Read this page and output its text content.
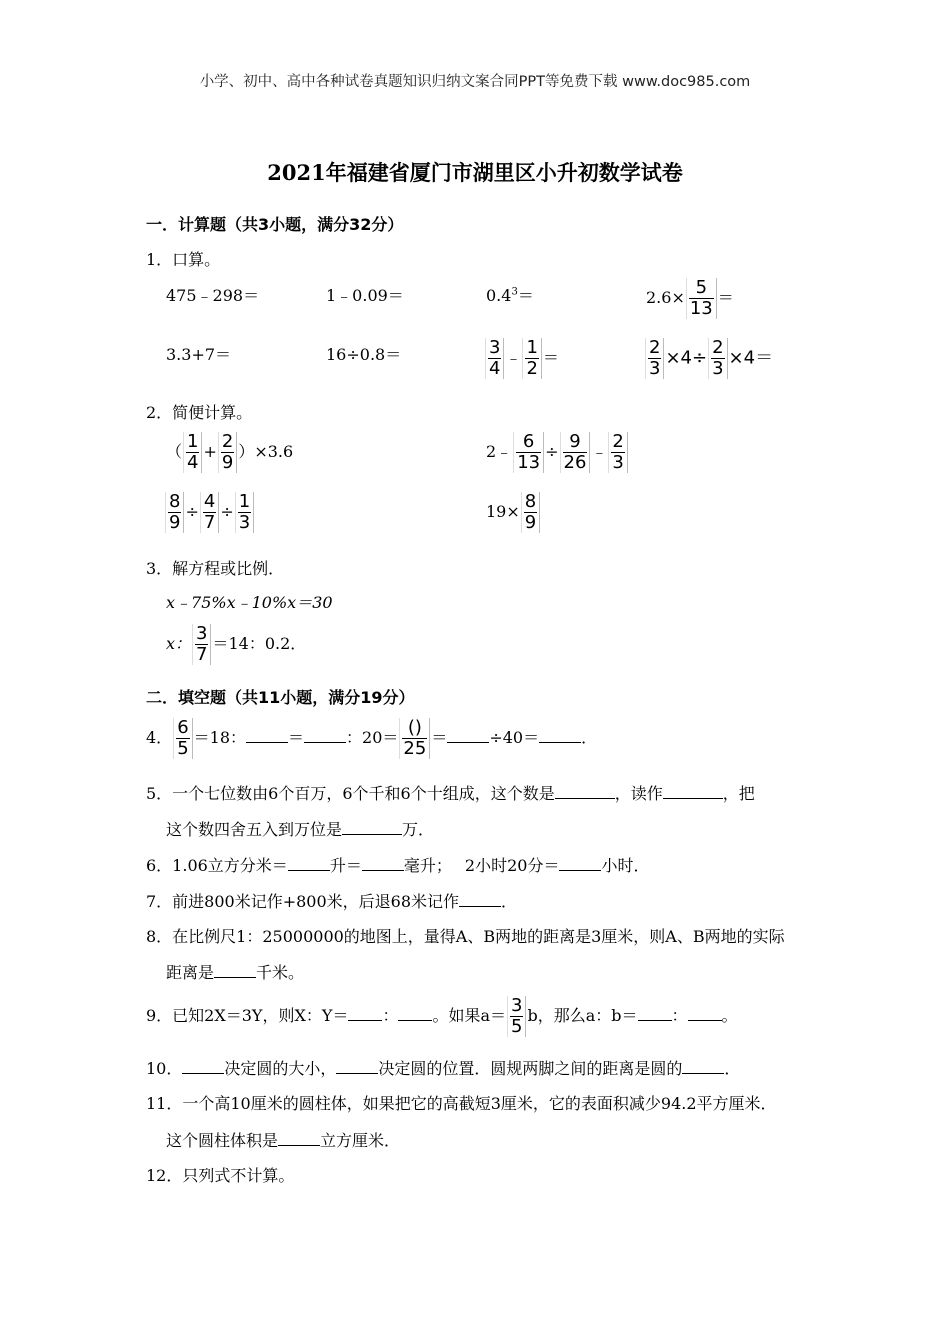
小学、初中、高中各种试卷真题知识归纳文案合同PPT等免费下载 www.doc985.com
2021年福建省厦门市湖里区小升初数学试卷
一．计算题（共3小题，满分32分）
1．口算。
475﹣298＝	1﹣0.09＝	$0.4^3=$	$2.6\times \frac{5}{13}$ ＝
3.3+7＝	16÷0.8＝	$\frac{3}{4}$ ﹣ $\frac{1}{2}$ ＝	$\frac{2}{3} \times 4\div \frac{2}{3} \times 4=$
2．简便计算。
（ $\frac{1}{4} + \frac{2}{9} )\times 3.6$	2﹣ $\frac{6}{13} \div \frac{9}{26}$ ﹣ $\frac{2}{3}$
$\frac{8}{9} \div \frac{4}{7} \div \frac{1}{3}$	$19\times \frac{8}{9}$
3．解方程或比例．
x﹣75%x﹣10%x＝30
x： $\frac{3}{7} =14$：0.2．
二．填空题（共11小题，满分19分）
4． $\frac{6}{5} =18$：	＝	：$20= \frac{()}{25}$ ＝	÷40＝	．
5．一个七位数由6个百万，6个千和6个十组成，这个数是	，读作	，把
这个数四舍五入到万位是	万．
6．1.06立方分米＝	升＝	毫升；　 2小时20分＝	小时．
7．前进800米记作+800米，后退68米记作	．
8．在比例尺1：25000000的地图上，量得A、B两地的距离是3厘米，则A、B两地的实际
距离是	千米。
9．已知2X＝3Y，则X：Y＝ ： 。如果$a= \frac{3}{5}$ b，那么a：b＝ ： 。
10．	决定圆的大小，	决定圆的位置．圆规两脚之间的距离是圆的	．
11．一个高10厘米的圆柱体，如果把它的高截短3厘米，它的表面积减少94.2平方厘米．
这个圆柱体积是	立方厘米．
12．只列式不计算。
